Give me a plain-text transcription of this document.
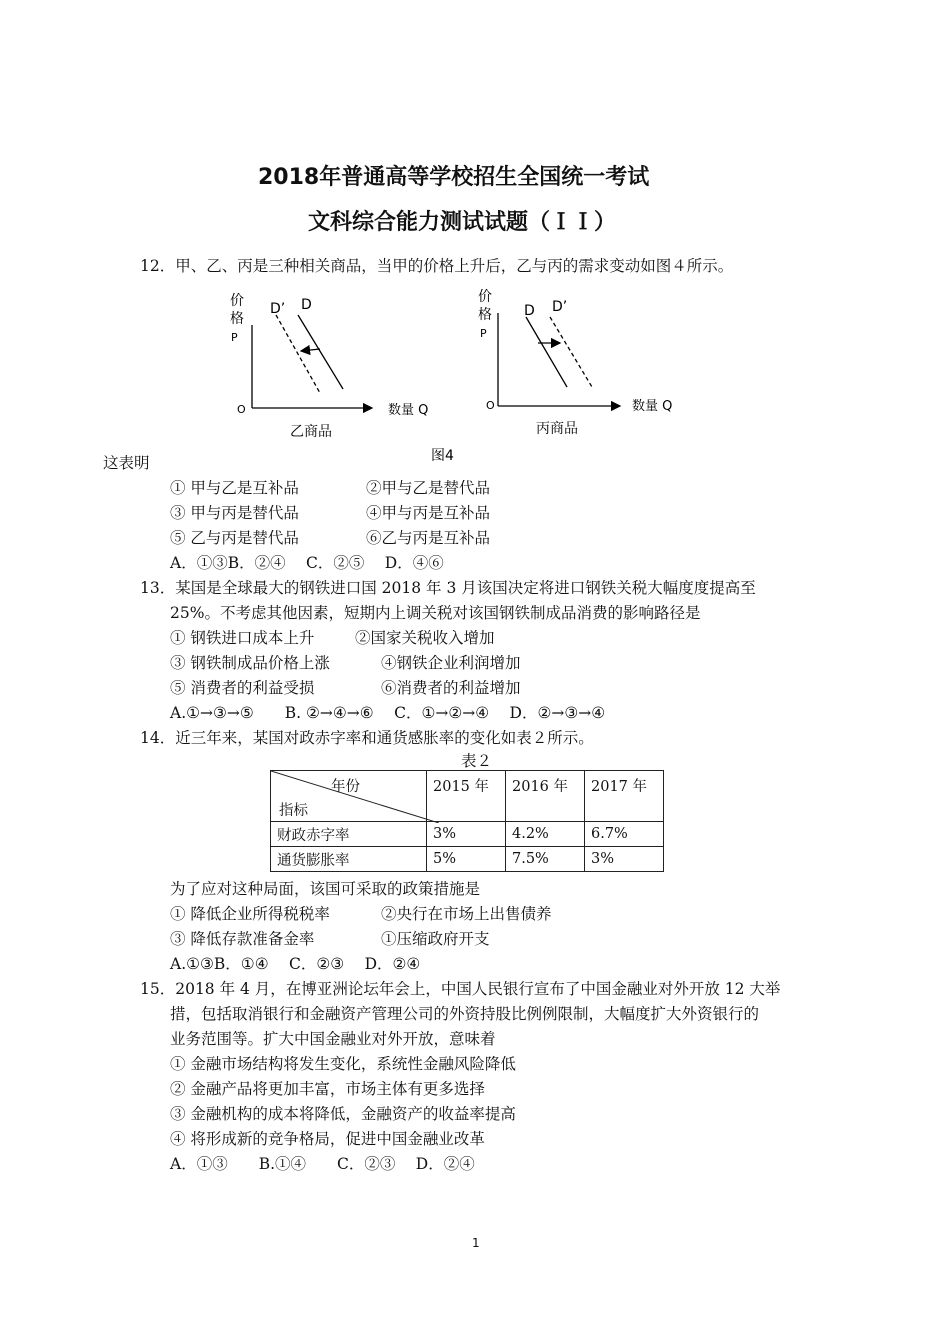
2018年普通高等学校招生全国统一考试
文科综合能力测试试题（ＩＩ）
12．甲、乙、丙是三种相关商品，当甲的价格上升后，乙与丙的需求变动如图４所示。
价
格
P
O
D’ D
数量 Q
乙商品
价
格
P
O
D D’
数量 Q
丙商品
图4
这表明
① 甲与乙是互补品	②甲与乙是替代品
③ 甲与丙是替代品	④甲与丙是互补品
⑤ 乙与丙是替代品	⑥乙与丙是互补品
A．①③B．②④　 C．②⑤　 D．④⑥
13．某国是全球最大的钢铁进口国 2018 年 3 月该国决定将进口钢铁关税大幅度度提高至
25%。不考虑其他因素，短期内上调关税对该国钢铁制成品消费的影响路径是
① 钢铁进口成本上升	②国家关税收入增加
③ 钢铁制成品价格上涨	④钢铁企业利润增加
⑤ 消费者的利益受损	⑥消费者的利益增加
A.①→③→⑤　　B. ②→④→⑥　 C．①→②→④　 D．②→③→④
14．近三年来，某国对政赤字率和通货感胀率的变化如表２所示。
表２
年份
指标	2015 年	2016 年	2017 年
财政赤字率	3%	4.2%	6.7%
通货膨胀率	5%	7.5%	3%
为了应对这种局面，该国可采取的政策措施是
① 降低企业所得税税率	②央行在市场上出售债养
③ 降低存款准备金率	①压缩政府开支
A.①③B．①④　 C．②③　 D．②④
15．2018 年 4 月，在博亚洲论坛年会上，中国人民银行宣布了中国金融业对外开放 12 大举
措，包括取消银行和金融资产管理公司的外资持股比例例限制，大幅度扩大外资银行的
业务范围等。扩大中国金融业对外开放，意味着
① 金融市场结构将发生变化，系统性金融风险降低
② 金融产品将更加丰富，市场主体有更多选择
③ 金融机构的成本将降低，金融资产的收益率提高
④ 将形成新的竞争格局，促进中国金融业改革
A．①③　　B.①④　　C．②③　 D．②④
1
